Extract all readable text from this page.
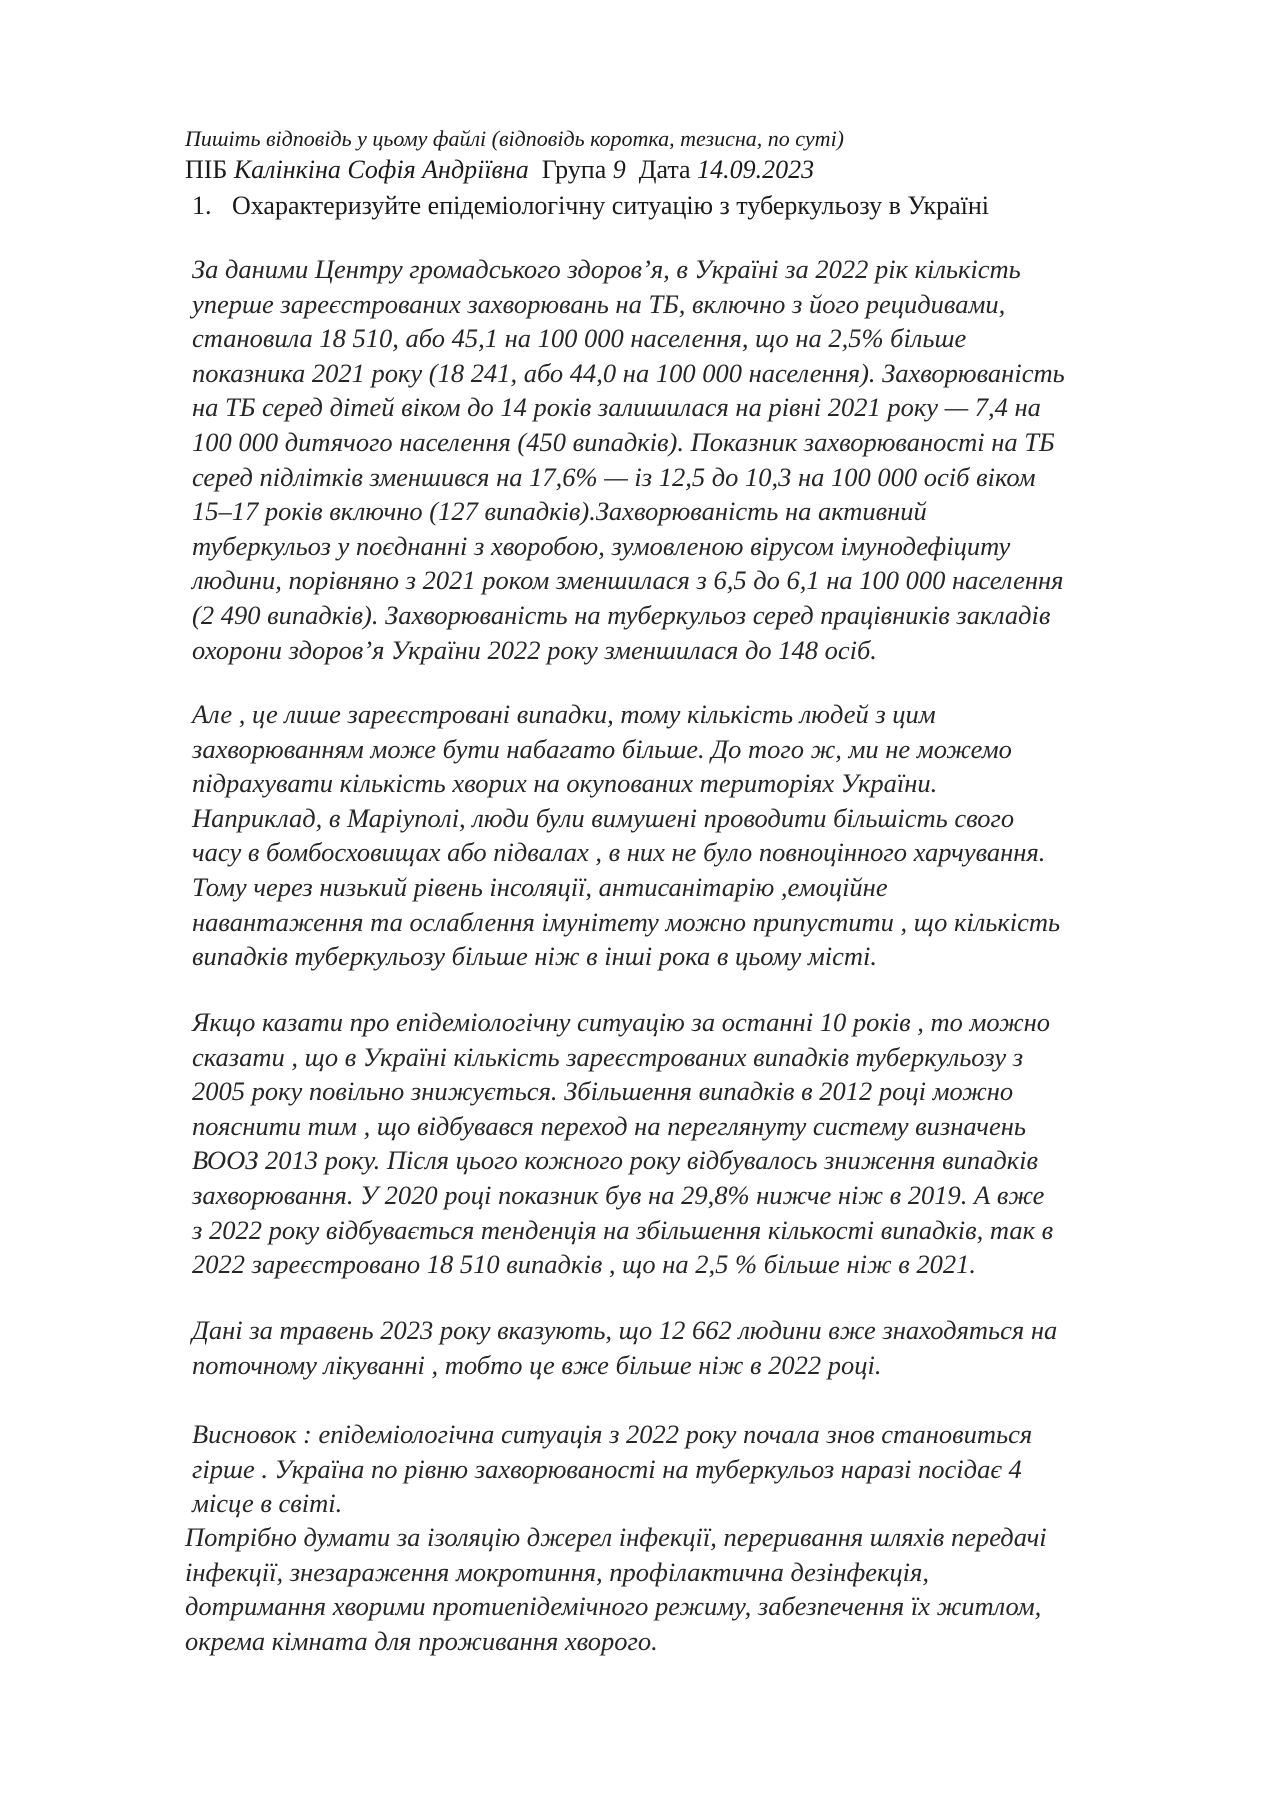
Пишіть відповідь у цьому файлі (відповідь коротка, тезисна, по суті)
ПІБ Калінкіна Софія Андріївна Група 9 Дата 14.09.2023
1. Охарактеризуйте епідеміологічну ситуацію з туберкульозу в Україні
За даними Центру громадського здоров’я, в Україні за 2022 рік кількість
уперше зареєстрованих захворювань на ТБ, включно з його рецидивами,
становила 18 510, або 45,1 на 100 000 населення, що на 2,5% більше
показника 2021 року (18 241, або 44,0 на 100 000 населення). Захворюваність
на ТБ серед дітей віком до 14 років залишилася на рівні 2021 року — 7,4 на
100 000 дитячого населення (450 випадків). Показник захворюваності на ТБ
серед підлітків зменшився на 17,6% — із 12,5 до 10,3 на 100 000 осіб віком
15–17 років включно (127 випадків).Захворюваність на активний
туберкульоз у поєднанні з хворобою, зумовленою вірусом імунодефіциту
людини, порівняно з 2021 роком зменшилася з 6,5 до 6,1 на 100 000 населення
(2 490 випадків). Захворюваність на туберкульоз серед працівників закладів
охорони здоров’я України 2022 року зменшилася до 148 осіб.
Але , це лише зареєстровані випадки, тому кількість людей з цим
захворюванням може бути набагато більше. До того ж, ми не можемо
підрахувати кількість хворих на окупованих територіях України.
Наприклад, в Маріуполі, люди були вимушені проводити більшість свого
часу в бомбосховищах або підвалах , в них не було повноцінного харчування.
Тому через низький рівень інсоляції, антисанітарію ,емоційне
навантаження та ослаблення імунітету можно припустити , що кількість
випадків туберкульозу більше ніж в інші рока в цьому місті.
Якщо казати про епідеміологічну ситуацію за останні 10 років , то можно
сказати , що в Україні кількість зареєстрованих випадків туберкульозу з
2005 року повільно знижується. Збільшення випадків в 2012 році можно
пояснити тим , що відбувався переход на переглянуту систему визначень
ВООЗ 2013 року. Після цього кожного року відбувалось зниження випадків
захворювання. У 2020 році показник був на 29,8% нижче ніж в 2019. А вже
з 2022 року відбувається тенденція на збільшення кількості випадків, так в
2022 зареєстровано 18 510 випадків , що на 2,5 % більше ніж в 2021.
Дані за травень 2023 року вказують, що 12 662 людини вже знаходяться на
поточному лікуванні , тобто це вже більше ніж в 2022 році.
Висновок : епідеміологічна ситуація з 2022 року почала знов становиться
гірше . Україна по рівню захворюваності на туберкульоз наразі посідає 4
місце в світі.
Потрібно думати за ізоляцію джерел інфекції, переривання шляхів передачі
інфекції, знезараження мокротиння, профілактична дезінфекція,
дотримання хворими протиепідемічного режиму, забезпечення їх житлом,
окрема кімната для проживання хворого.
